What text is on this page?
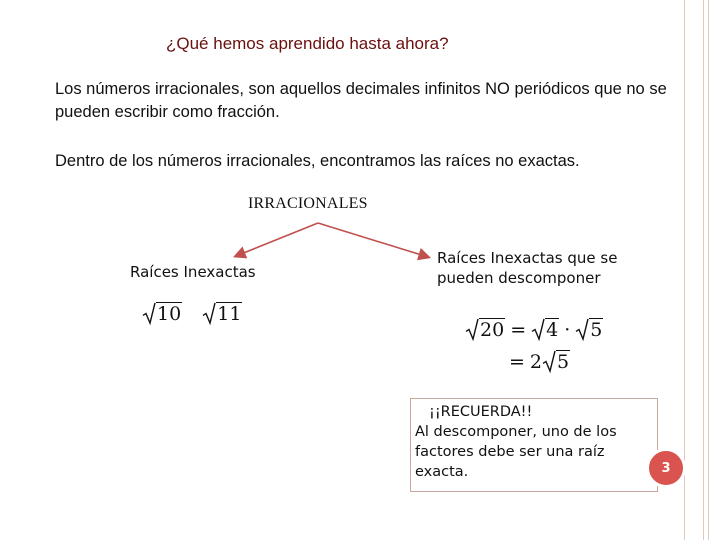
¿Qué hemos aprendido hasta ahora?
Los números irracionales, son aquellos decimales infinitos NO periódicos que no se pueden escribir como fracción.
Dentro de los números irracionales, encontramos las raíces no exactas.
IRRACIONALES
Raíces Inexactas
Raíces Inexactas que se
pueden descomponer
10 11
20 = 4 · 5
= 2 5
¡¡RECUERDA!!
Al descomponer, uno de los factores debe ser una raíz exacta.	3
